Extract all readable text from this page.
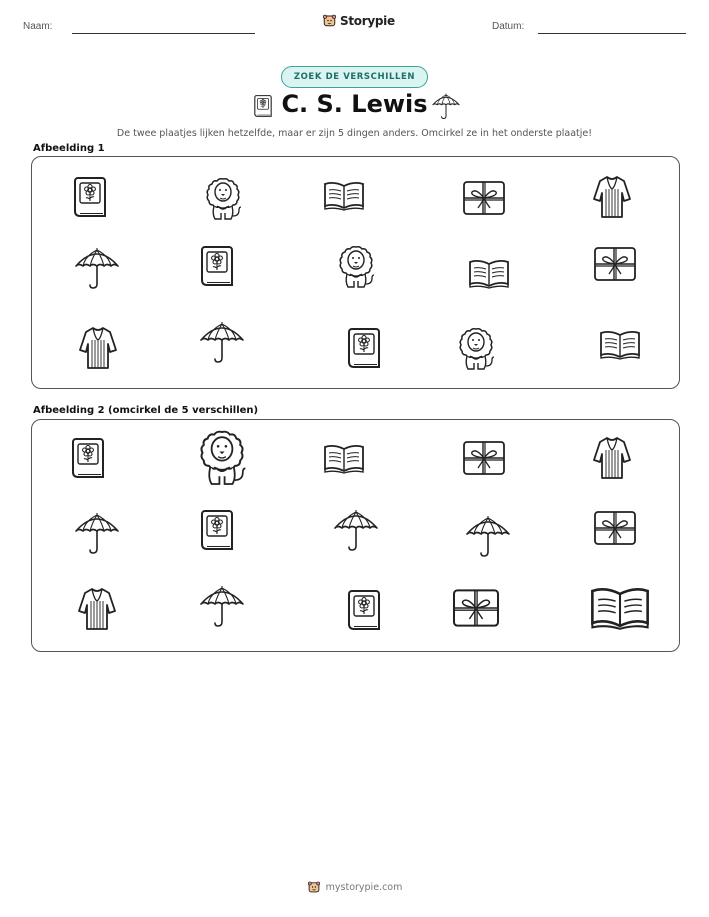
Naam:	Storypie	Datum:
ZOEK DE VERSCHILLEN
C. S. Lewis
De twee plaatjes lijken hetzelfde, maar er zijn 5 dingen anders. Omcirkel ze in het onderste plaatje!
Afbeelding 1
Afbeelding 2 (omcirkel de 5 verschillen)
mystorypie.com
